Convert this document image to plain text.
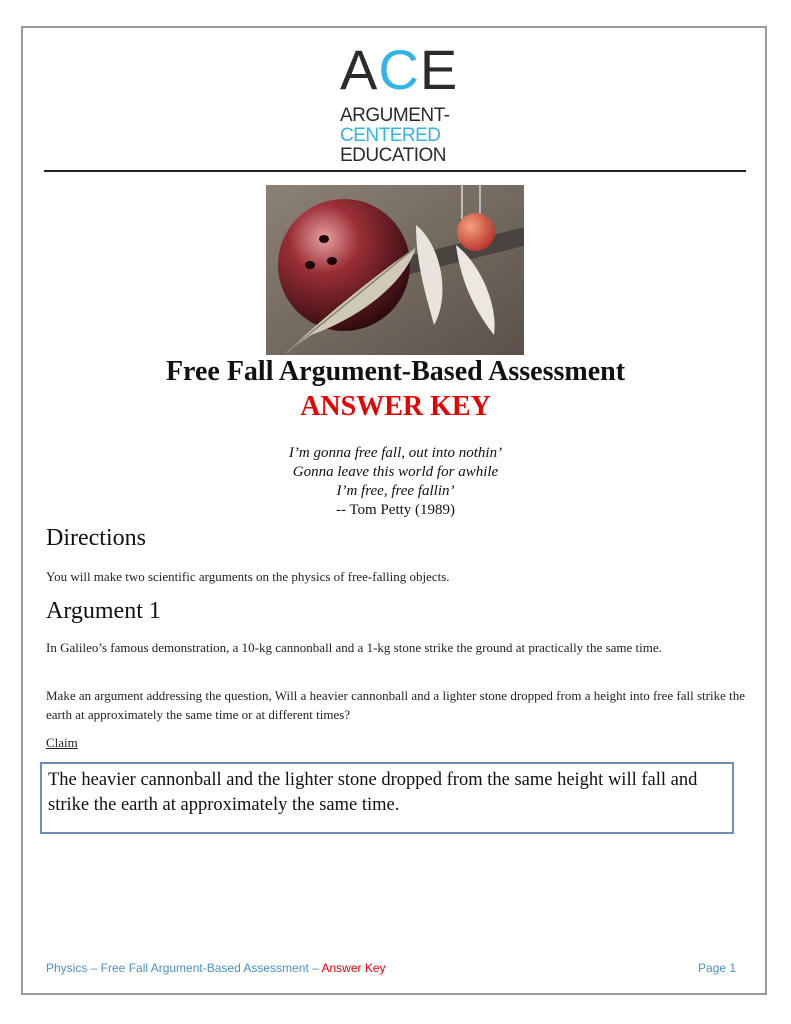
ACE
ARGUMENT-
CENTERED
EDUCATION
Free Fall Argument-Based Assessment
ANSWER KEY
I’m gonna free fall, out into nothin’
Gonna leave this world for awhile
I’m free, free fallin’
-- Tom Petty (1989)
Directions
You will make two scientific arguments on the physics of free-falling objects.
Argument 1
In Galileo’s famous demonstration, a 10-kg cannonball and a 1-kg stone strike the ground at practically the same time.
Make an argument addressing the question, Will a heavier cannonball and a lighter stone dropped from a height into free fall strike the earth at approximately the same time or at different times?
Claim
The heavier cannonball and the lighter stone dropped from the same height will fall and strike the earth at approximately the same time.
Physics – Free Fall Argument-Based Assessment – Answer Key	Page 1
